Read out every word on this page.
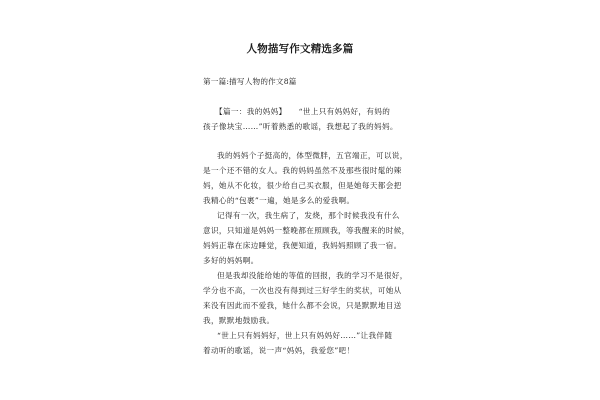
人物描写作文精选多篇
第一篇:描写人物的作文8篇
【篇一：我的妈妈】　　“世上只有妈妈好，有妈的
孩子像块宝……”听着熟悉的歌谣，我想起了我的妈妈。
我的妈妈个子挺高的，体型微胖，五官端正，可以说，
是一个还不错的女人。我的妈妈虽然不及那些很时髦的辣
妈，她从不化妆，很少给自己买衣服，但是她每天都会把
我精心的“包裹”一遍，她是多么的爱我啊。
记得有一次，我生病了，发烧，那个时候我没有什么
意识，只知道是妈妈一整晚都在照顾我，等我醒来的时候，
妈妈正靠在床边睡觉，我便知道，我妈妈照顾了我一宿。
多好的妈妈啊。
但是我却没能给她的等值的回报，我的学习不是很好，
学分也不高，一次也没有得到过三好学生的奖状，可她从
来没有因此而不爱我，她什么都不会说，只是默默地目送
我，默默地鼓励我。
“世上只有妈妈好，世上只有妈妈好……”让我伴随
着动听的歌谣，说一声“妈妈，我爱您”吧！
